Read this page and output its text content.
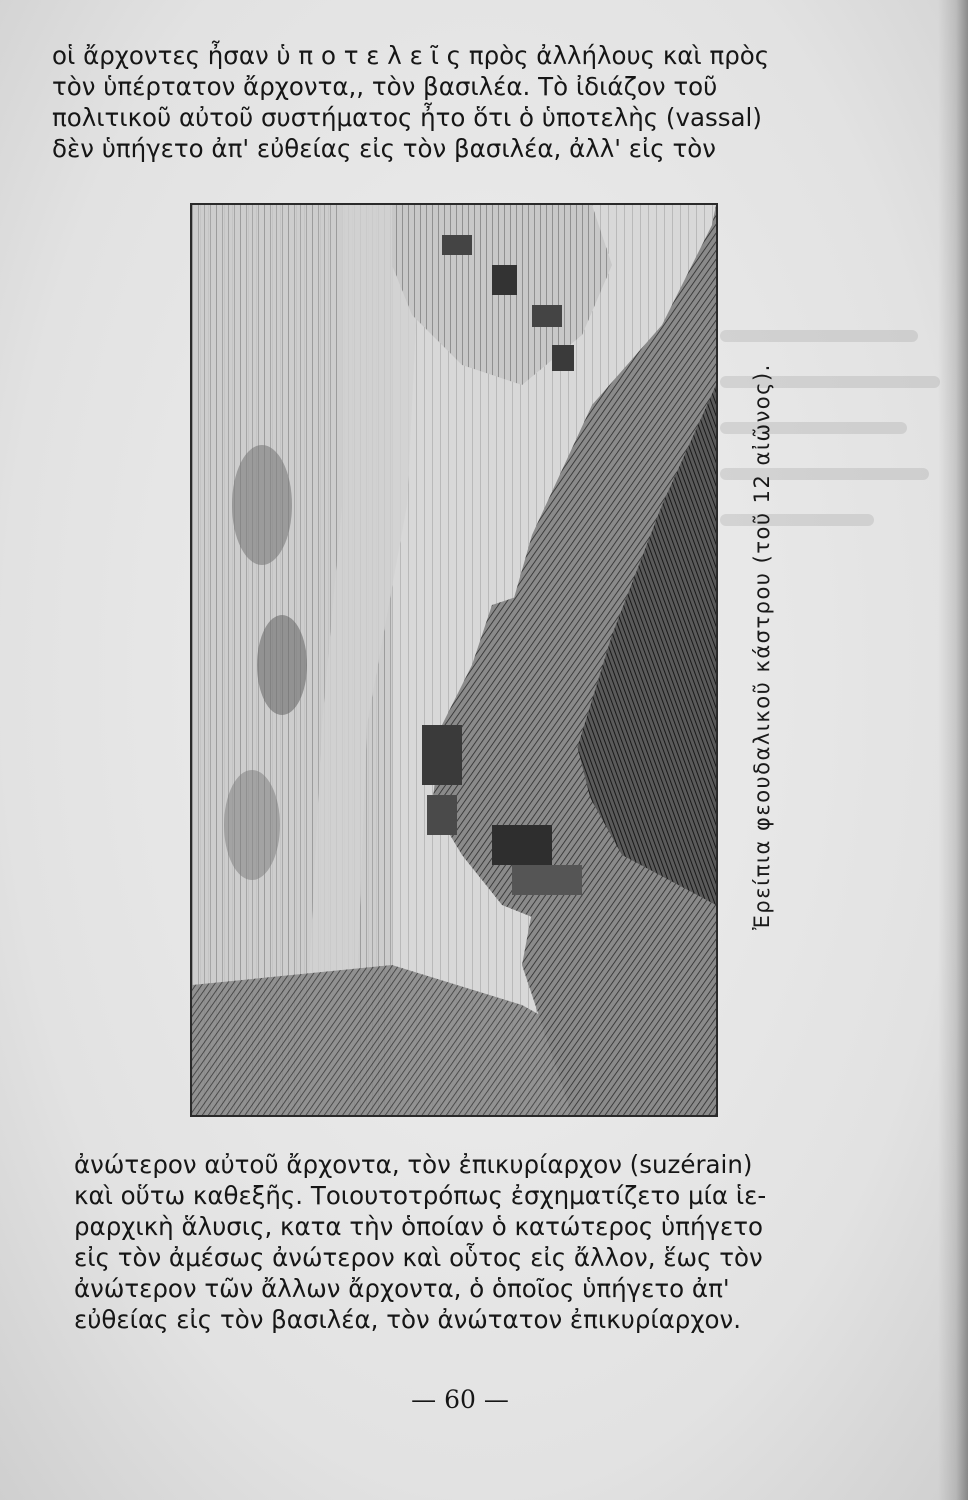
οἱ ἄρχοντες ἦσαν ὑ π ο τ ε λ ε ῖ ς πρὸς ἀλλήλους καὶ πρὸς

τὸν ὑπέρτατον ἄρχοντα,, τὸν βασιλέα. Τὸ ἰδιάζον τοῦ

πολιτικοῦ αὐτοῦ συστήματος ἦτο ὅτι ὁ ὑποτελὴς (vassal)

δὲν ὑπήγετο ἀπ' εὐθείας εἰς τὸν βασιλέα, ἀλλ' εἰς τὸν

Ἐρείπια φεουδαλικοῦ κάστρου (τοῦ 12 αἰῶνος).

ἀνώτερον αὐτοῦ ἄρχοντα, τὸν ἐπικυρίαρχον (suzérain)

καὶ οὕτω καθεξῆς. Τοιουτοτρόπως ἐσχηματίζετο μία ἱε-

ραρχικὴ ἅλυσις, κατα τὴν ὁποίαν ὁ κατώτερος ὑπήγετο

εἰς τὸν ἀμέσως ἀνώτερον καὶ οὗτος εἰς ἄλλον, ἕως τὸν

ἀνώτερον τῶν ἄλλων ἄρχοντα, ὁ ὁποῖος ὑπήγετο ἀπ'

εὐθείας εἰς τὸν βασιλέα, τὸν ἀνώτατον ἐπικυρίαρχον.

— 60 —
